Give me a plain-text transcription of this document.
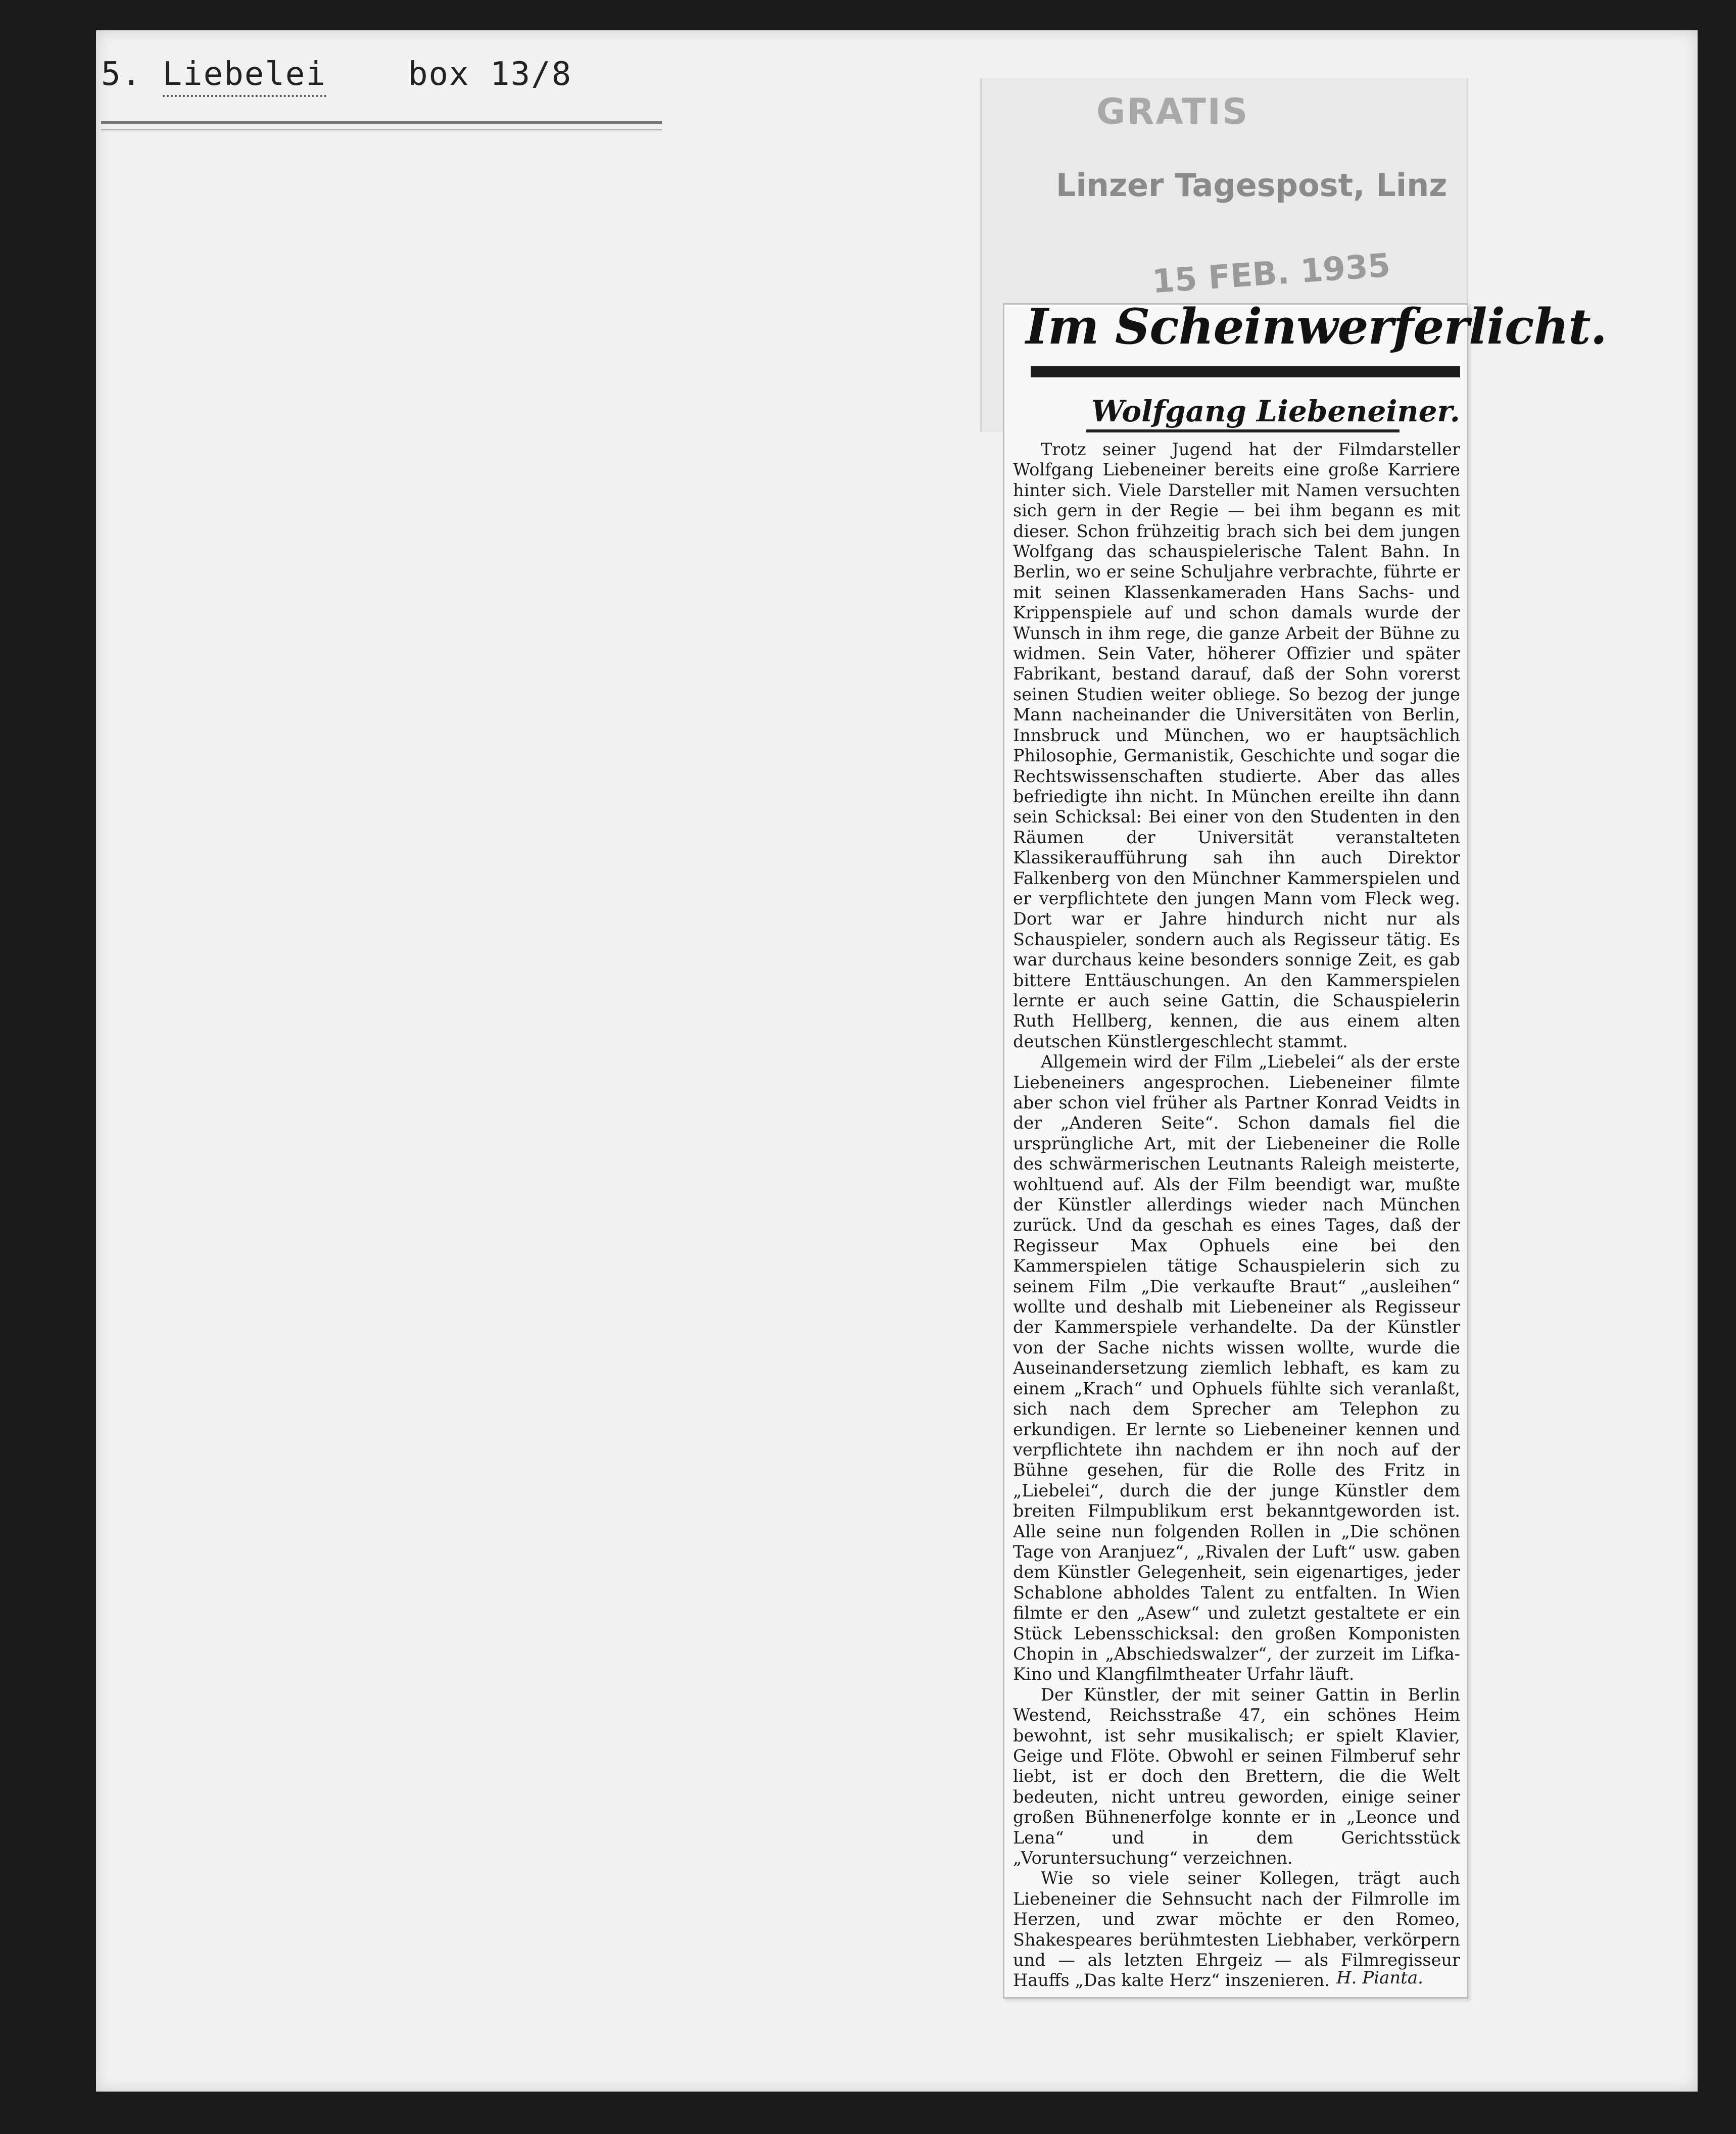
5. Liebelei	box 13/8
GRATIS
Linzer Tagespost, Linz
15 FEB. 1935
Im Scheinwerferlicht.
Wolfgang Liebeneiner.

Trotz seiner Jugend hat der Filmdarsteller Wolfgang Liebeneiner bereits eine große Karriere hinter sich. Viele Darsteller mit Namen versuchten sich gern in der Regie — bei ihm begann es mit dieser. Schon frühzeitig brach sich bei dem jungen Wolfgang das schauspielerische Talent Bahn. In Berlin, wo er seine Schuljahre verbrachte, führte er mit seinen Klassenkameraden Hans Sachs- und Krippenspiele auf und schon damals wurde der Wunsch in ihm rege, die ganze Arbeit der Bühne zu widmen. Sein Vater, höherer Offizier und später Fabrikant, bestand darauf, daß der Sohn vorerst seinen Studien weiter obliege. So bezog der junge Mann nacheinander die Universitäten von Berlin, Innsbruck und München, wo er hauptsächlich Philosophie, Germanistik, Geschichte und sogar die Rechtswissenschaften studierte. Aber das alles befriedigte ihn nicht. In München ereilte ihn dann sein Schicksal: Bei einer von den Studenten in den Räumen der Universität veranstalteten Klassikeraufführung sah ihn auch Direktor Falkenberg von den Münchner Kammerspielen und er verpflichtete den jungen Mann vom Fleck weg. Dort war er Jahre hindurch nicht nur als Schauspieler, sondern auch als Regisseur tätig. Es war durchaus keine besonders sonnige Zeit, es gab bittere Enttäuschungen. An den Kammerspielen lernte er auch seine Gattin, die Schauspielerin Ruth Hellberg, kennen, die aus einem alten deutschen Künstlergeschlecht stammt.

Allgemein wird der Film „Liebelei“ als der erste Liebeneiners angesprochen. Liebeneiner filmte aber schon viel früher als Partner Konrad Veidts in der „Anderen Seite“. Schon damals fiel die ursprüngliche Art, mit der Liebeneiner die Rolle des schwärmerischen Leutnants Raleigh meisterte, wohltuend auf. Als der Film beendigt war, mußte der Künstler allerdings wieder nach München zurück. Und da geschah es eines Tages, daß der Regisseur Max Ophuels eine bei den Kammerspielen tätige Schauspielerin sich zu seinem Film „Die verkaufte Braut“ „ausleihen“ wollte und deshalb mit Liebeneiner als Regisseur der Kammerspiele verhandelte. Da der Künstler von der Sache nichts wissen wollte, wurde die Auseinandersetzung ziemlich lebhaft, es kam zu einem „Krach“ und Ophuels fühlte sich veranlaßt, sich nach dem Sprecher am Telephon zu erkundigen. Er lernte so Liebeneiner kennen und verpflichtete ihn nachdem er ihn noch auf der Bühne gesehen, für die Rolle des Fritz in „Liebelei“, durch die der junge Künstler dem breiten Filmpublikum erst bekanntgeworden ist. Alle seine nun folgenden Rollen in „Die schönen Tage von Aranjuez“, „Rivalen der Luft“ usw. gaben dem Künstler Gelegenheit, sein eigenartiges, jeder Schablone abholdes Talent zu entfalten. In Wien filmte er den „Asew“ und zuletzt gestaltete er ein Stück Lebensschicksal: den großen Komponisten Chopin in „Abschiedswalzer“, der zurzeit im Lifka-Kino und Klangfilmtheater Urfahr läuft.

Der Künstler, der mit seiner Gattin in Berlin Westend, Reichsstraße 47, ein schönes Heim bewohnt, ist sehr musikalisch; er spielt Klavier, Geige und Flöte. Obwohl er seinen Filmberuf sehr liebt, ist er doch den Brettern, die die Welt bedeuten, nicht untreu geworden, einige seiner großen Bühnenerfolge konnte er in „Leonce und Lena“ und in dem Gerichtsstück „Voruntersuchung“ verzeichnen.

Wie so viele seiner Kollegen, trägt auch Liebeneiner die Sehnsucht nach der Filmrolle im Herzen, und zwar möchte er den Romeo, Shakespeares berühmtesten Liebhaber, verkörpern und — als letzten Ehrgeiz — als Filmregisseur Hauffs „Das kalte Herz“ inszenieren. H. Pianta.
